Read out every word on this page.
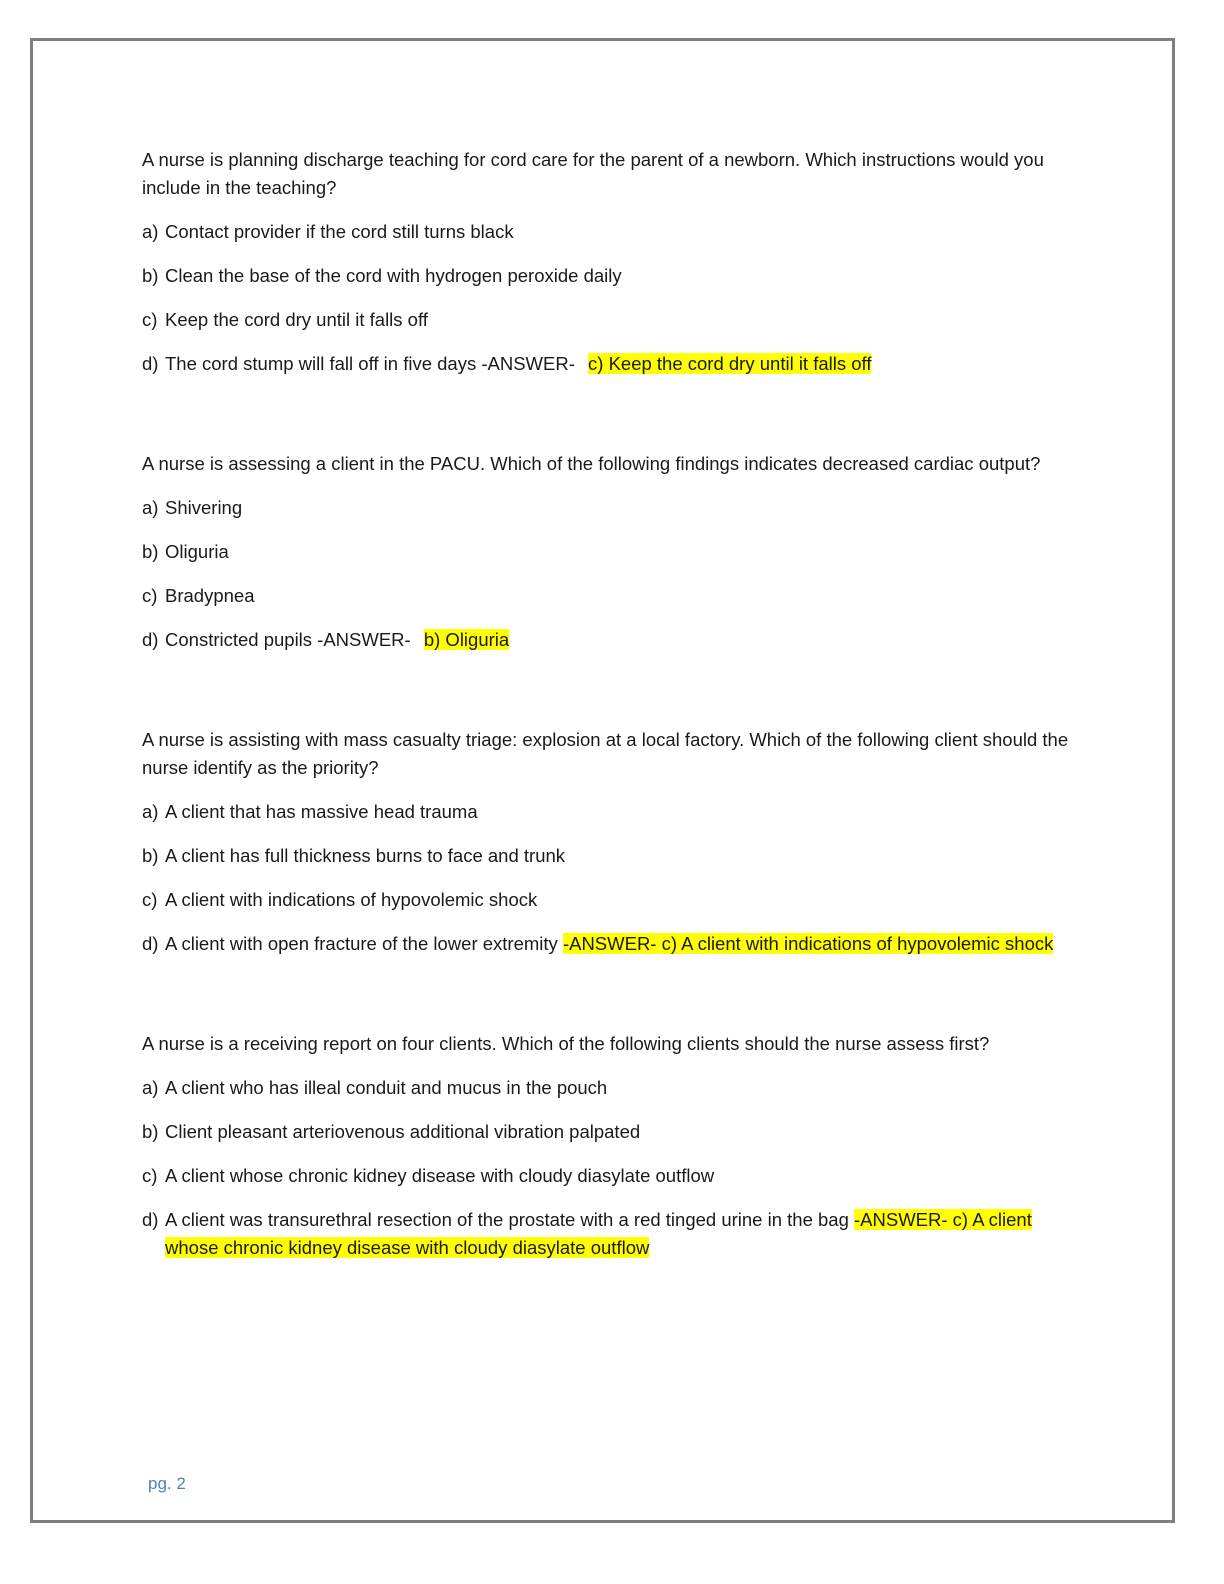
A nurse is planning discharge teaching for cord care for the parent of a newborn. Which instructions would you include in the teaching?

a) Contact provider if the cord still turns black

b) Clean the base of the cord with hydrogen peroxide daily

c) Keep the cord dry until it falls off

d) The cord stump will fall off in five days -ANSWER- c) Keep the cord dry until it falls off

A nurse is assessing a client in the PACU. Which of the following findings indicates decreased cardiac output?

a) Shivering

b) Oliguria

c) Bradypnea

d) Constricted pupils -ANSWER- b) Oliguria

A nurse is assisting with mass casualty triage: explosion at a local factory. Which of the following client should the nurse identify as the priority?

a) A client that has massive head trauma

b) A client has full thickness burns to face and trunk

c) A client with indications of hypovolemic shock

d) A client with open fracture of the lower extremity -ANSWER- c) A client with indications of hypovolemic shock

A nurse is a receiving report on four clients. Which of the following clients should the nurse assess first?

a) A client who has illeal conduit and mucus in the pouch

b) Client pleasant arteriovenous additional vibration palpated

c) A client whose chronic kidney disease with cloudy diasylate outflow

d) A client was transurethral resection of the prostate with a red tinged urine in the bag -ANSWER- c) A client whose chronic kidney disease with cloudy diasylate outflow

pg. 2
